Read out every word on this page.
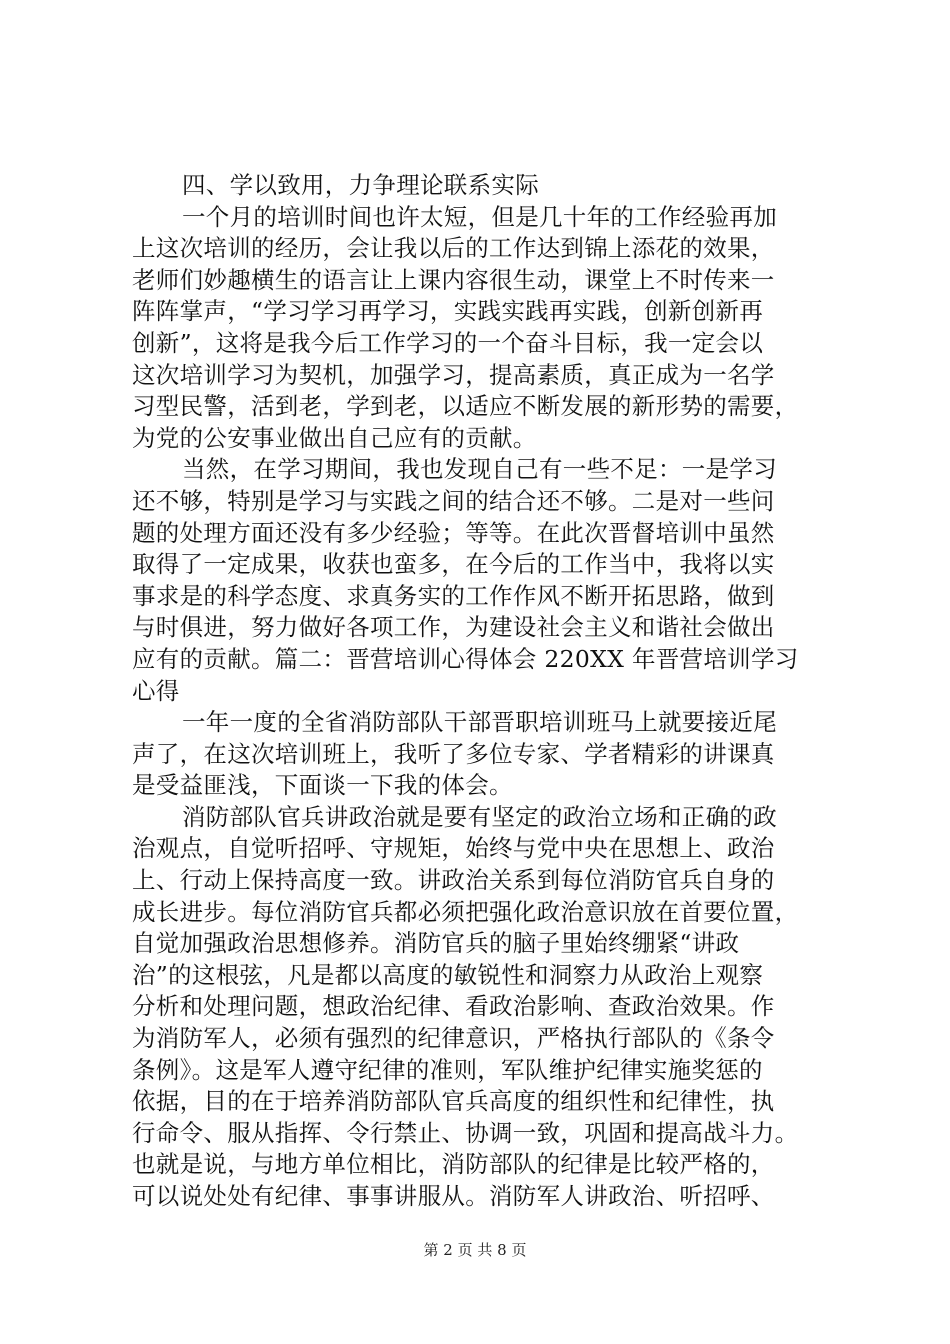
四、学以致用，力争理论联系实际
一个月的培训时间也许太短，但是几十年的工作经验再加
上这次培训的经历，会让我以后的工作达到锦上添花的效果，
老师们妙趣横生的语言让上课内容很生动，课堂上不时传来一
阵阵掌声，“学习学习再学习，实践实践再实践，创新创新再
创新”，这将是我今后工作学习的一个奋斗目标，我一定会以
这次培训学习为契机，加强学习，提高素质，真正成为一名学
习型民警，活到老，学到老，以适应不断发展的新形势的需要，
为党的公安事业做出自己应有的贡献。
当然，在学习期间，我也发现自己有一些不足：一是学习
还不够，特别是学习与实践之间的结合还不够。二是对一些问
题的处理方面还没有多少经验；等等。在此次晋督培训中虽然
取得了一定成果，收获也蛮多，在今后的工作当中，我将以实
事求是的科学态度、求真务实的工作作风不断开拓思路，做到
与时俱进，努力做好各项工作，为建设社会主义和谐社会做出
应有的贡献。篇二：晋营培训心得体会 220XX 年晋营培训学习
心得
一年一度的全省消防部队干部晋职培训班马上就要接近尾
声了，在这次培训班上，我听了多位专家、学者精彩的讲课真
是受益匪浅，下面谈一下我的体会。
消防部队官兵讲政治就是要有坚定的政治立场和正确的政
治观点，自觉听招呼、守规矩，始终与党中央在思想上、政治
上、行动上保持高度一致。讲政治关系到每位消防官兵自身的
成长进步。每位消防官兵都必须把强化政治意识放在首要位置，
自觉加强政治思想修养。消防官兵的脑子里始终绷紧“讲政
治”的这根弦，凡是都以高度的敏锐性和洞察力从政治上观察
分析和处理问题，想政治纪律、看政治影响、查政治效果。作
为消防军人，必须有强烈的纪律意识，严格执行部队的《条令
条例》。这是军人遵守纪律的准则，军队维护纪律实施奖惩的
依据，目的在于培养消防部队官兵高度的组织性和纪律性，执
行命令、服从指挥、令行禁止、协调一致，巩固和提高战斗力。
也就是说，与地方单位相比，消防部队的纪律是比较严格的，
可以说处处有纪律、事事讲服从。消防军人讲政治、听招呼、
第 2 页 共 8 页
